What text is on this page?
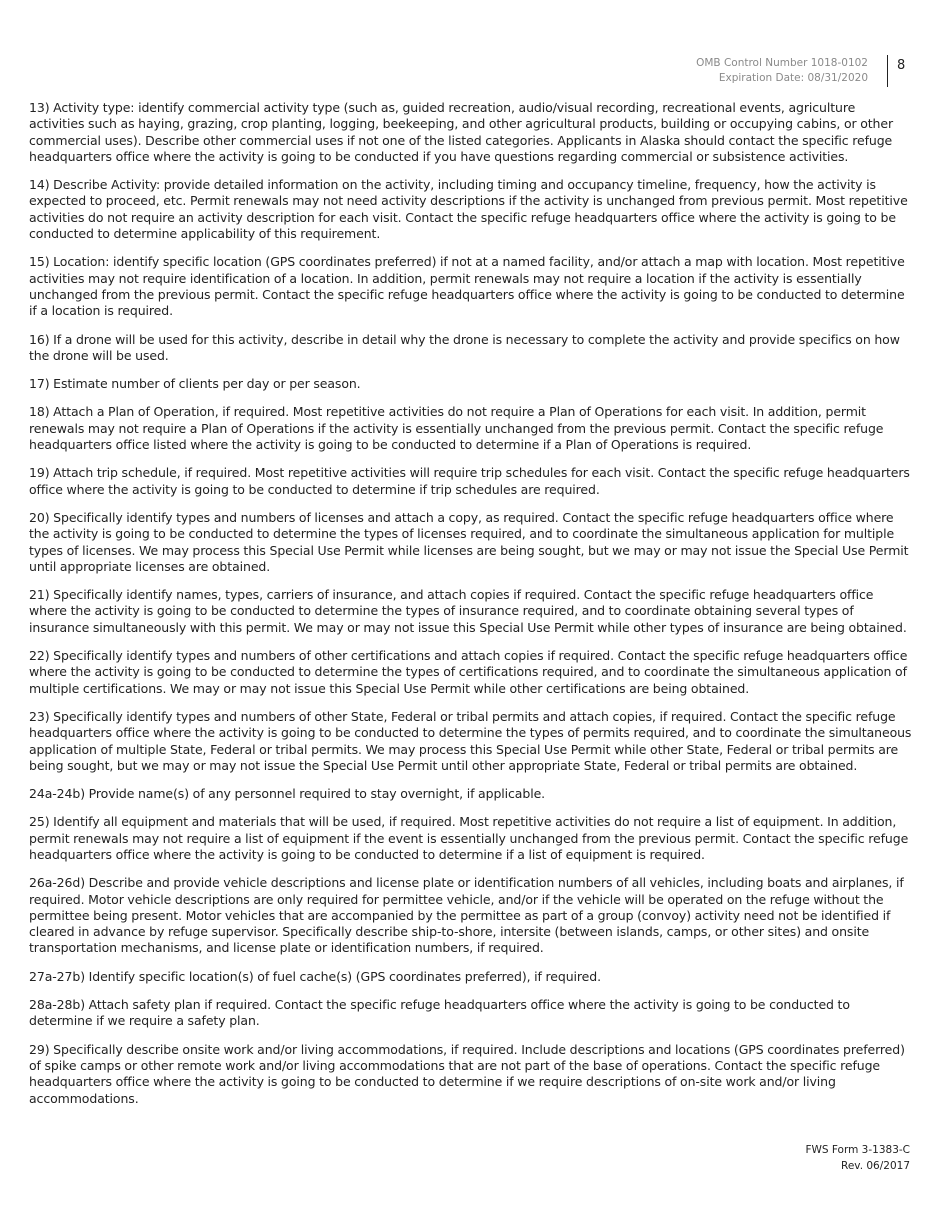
OMB Control Number 1018-0102
Expiration Date: 08/31/2020
8

13) Activity type: identify commercial activity type (such as, guided recreation, audio/visual recording, recreational events, agriculture activities such as haying, grazing, crop planting, logging, beekeeping, and other agricultural products, building or occupying cabins, or other commercial uses). Describe other commercial uses if not one of the listed categories. Applicants in Alaska should contact the specific refuge headquarters office where the activity is going to be conducted if you have questions regarding commercial or subsistence activities.

14) Describe Activity: provide detailed information on the activity, including timing and occupancy timeline, frequency, how the activity is expected to proceed, etc. Permit renewals may not need activity descriptions if the activity is unchanged from previous permit. Most repetitive activities do not require an activity description for each visit. Contact the specific refuge headquarters office where the activity is going to be conducted to determine applicability of this requirement.

15) Location: identify specific location (GPS coordinates preferred) if not at a named facility, and/or attach a map with location. Most repetitive activities may not require identification of a location. In addition, permit renewals may not require a location if the activity is essentially unchanged from the previous permit. Contact the specific refuge headquarters office where the activity is going to be conducted to determine if a location is required.

16) If a drone will be used for this activity, describe in detail why the drone is necessary to complete the activity and provide specifics on how the drone will be used.

17) Estimate number of clients per day or per season.

18) Attach a Plan of Operation, if required. Most repetitive activities do not require a Plan of Operations for each visit. In addition, permit renewals may not require a Plan of Operations if the activity is essentially unchanged from the previous permit. Contact the specific refuge headquarters office listed where the activity is going to be conducted to determine if a Plan of Operations is required.

19) Attach trip schedule, if required. Most repetitive activities will require trip schedules for each visit. Contact the specific refuge headquarters office where the activity is going to be conducted to determine if trip schedules are required.

20) Specifically identify types and numbers of licenses and attach a copy, as required. Contact the specific refuge headquarters office where the activity is going to be conducted to determine the types of licenses required, and to coordinate the simultaneous application for multiple types of licenses. We may process this Special Use Permit while licenses are being sought, but we may or may not issue the Special Use Permit until appropriate licenses are obtained.

21) Specifically identify names, types, carriers of insurance, and attach copies if required. Contact the specific refuge headquarters office where the activity is going to be conducted to determine the types of insurance required, and to coordinate obtaining several types of insurance simultaneously with this permit. We may or may not issue this Special Use Permit while other types of insurance are being obtained.

22) Specifically identify types and numbers of other certifications and attach copies if required. Contact the specific refuge headquarters office where the activity is going to be conducted to determine the types of certifications required, and to coordinate the simultaneous application of multiple certifications. We may or may not issue this Special Use Permit while other certifications are being obtained.

23) Specifically identify types and numbers of other State, Federal or tribal permits and attach copies, if required. Contact the specific refuge headquarters office where the activity is going to be conducted to determine the types of permits required, and to coordinate the simultaneous application of multiple State, Federal or tribal permits. We may process this Special Use Permit while other State, Federal or tribal permits are being sought, but we may or may not issue the Special Use Permit until other appropriate State, Federal or tribal permits are obtained.

24a-24b) Provide name(s) of any personnel required to stay overnight, if applicable.

25) Identify all equipment and materials that will be used, if required. Most repetitive activities do not require a list of equipment. In addition, permit renewals may not require a list of equipment if the event is essentially unchanged from the previous permit. Contact the specific refuge headquarters office where the activity is going to be conducted to determine if a list of equipment is required.

26a-26d) Describe and provide vehicle descriptions and license plate or identification numbers of all vehicles, including boats and airplanes, if required. Motor vehicle descriptions are only required for permittee vehicle, and/or if the vehicle will be operated on the refuge without the permittee being present. Motor vehicles that are accompanied by the permittee as part of a group (convoy) activity need not be identified if cleared in advance by refuge supervisor. Specifically describe ship-to-shore, intersite (between islands, camps, or other sites) and onsite transportation mechanisms, and license plate or identification numbers, if required.

27a-27b) Identify specific location(s) of fuel cache(s) (GPS coordinates preferred), if required.

28a-28b) Attach safety plan if required. Contact the specific refuge headquarters office where the activity is going to be conducted to determine if we require a safety plan.

29) Specifically describe onsite work and/or living accommodations, if required. Include descriptions and locations (GPS coordinates preferred) of spike camps or other remote work and/or living accommodations that are not part of the base of operations. Contact the specific refuge headquarters office where the activity is going to be conducted to determine if we require descriptions of on-site work and/or living accommodations.

FWS Form 3-1383-C
Rev. 06/2017
